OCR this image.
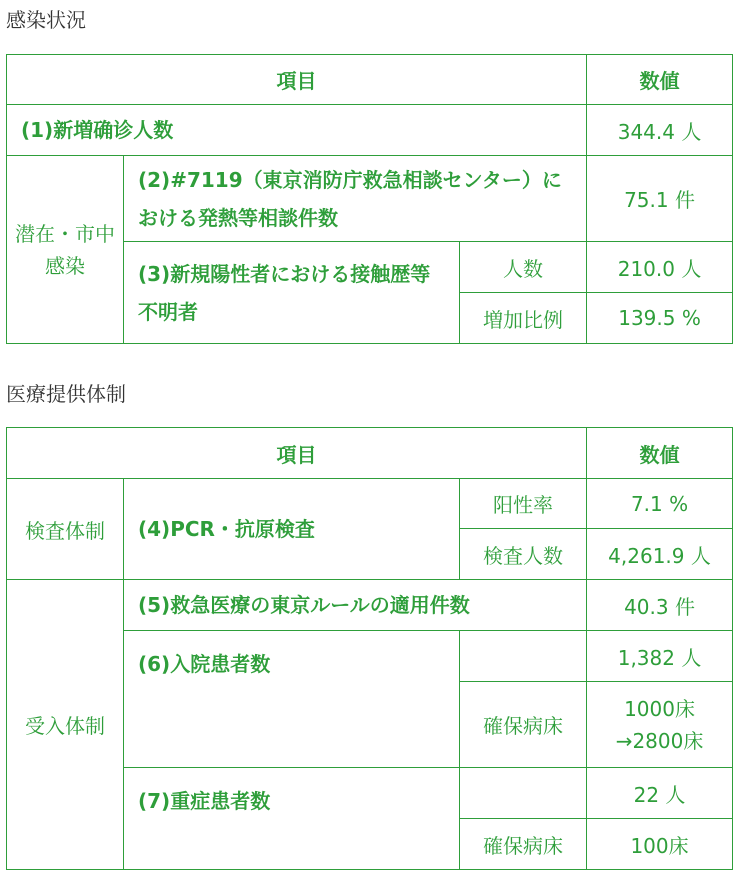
感染状況
項目			数値
(1)新増确诊人数			344.4 人

潜在・市中感染	(2)#7119（東京消防庁救急相談センター）における発熱等相談件数		75.1 件
	(3)新規陽性者における接触歴等不明者	人数	210.0 人
		増加比例	139.5 %
医療提供体制
項目			数値
検査体制	(4)PCR・抗原検査	阳性率	7.1 %
		検査人数	4,261.9 人
受入体制	(5)救急医療の東京ルールの適用件数		40.3 件
	(6)入院患者数		1,382 人
		確保病床	1000床
→2800床

	(7)重症患者数		22 人
		確保病床	100床
